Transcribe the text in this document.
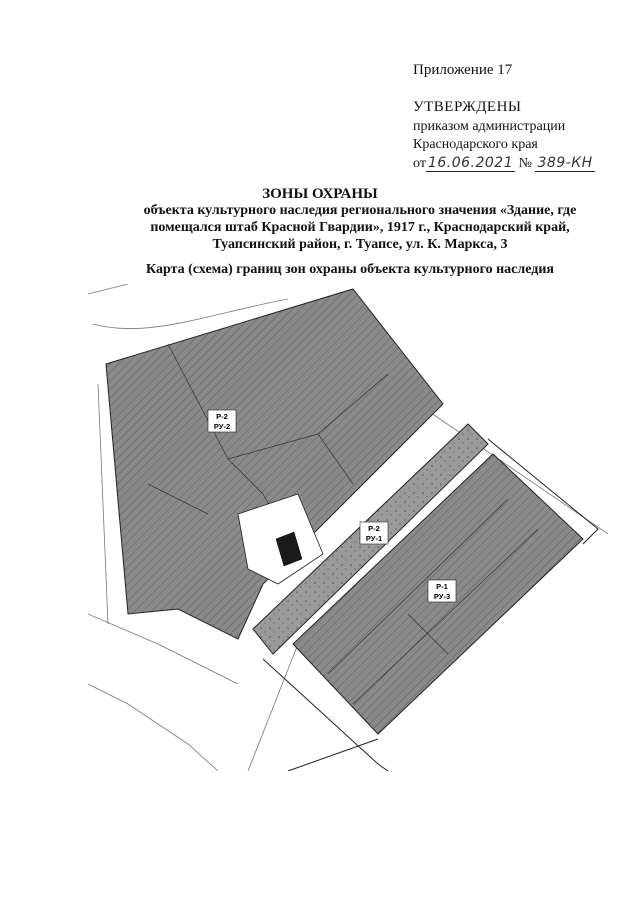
Приложение 17
УТВЕРЖДЕНЫ
приказом администрации
Краснодарского края
от 16.06.2021 № 389-КН
ЗОНЫ ОХРАНЫ
объекта культурного наследия регионального значения «Здание, где
помещался штаб Красной Гвардии», 1917 г., Краснодарский край,
Туапсинский район, г. Туапсе, ул. К. Маркса, 3
Карта (схема) границ зон охраны объекта культурного наследия
Р-2
РУ-2
Р-2
РУ-1
Р-1
РУ-3
